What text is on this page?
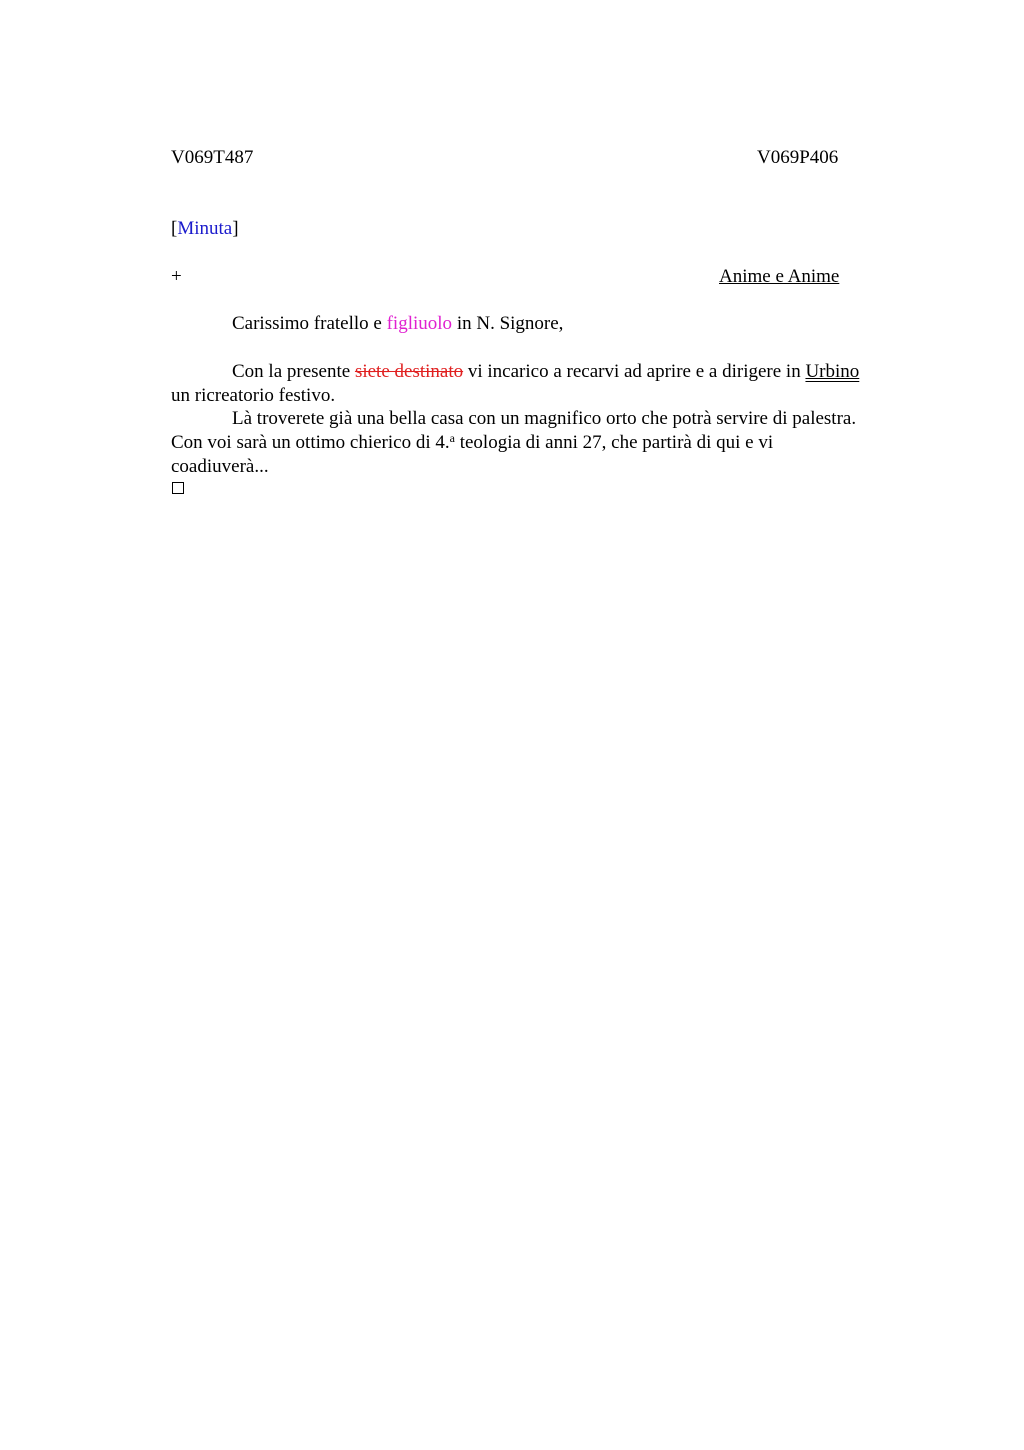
V069T487	V069P406
[Minuta]
+	Anime e Anime
Carissimo fratello e figliuolo in N. Signore,
Con la presente siete destinato vi incarico a recarvi ad aprire e a dirigere in Urbino
un ricreatorio festivo.
Là troverete già una bella casa con un magnifico orto che potrà servire di palestra.
Con voi sarà un ottimo chierico di 4.$^a$ teologia di anni 27, che partirà di qui e vi
coadiuverà...
